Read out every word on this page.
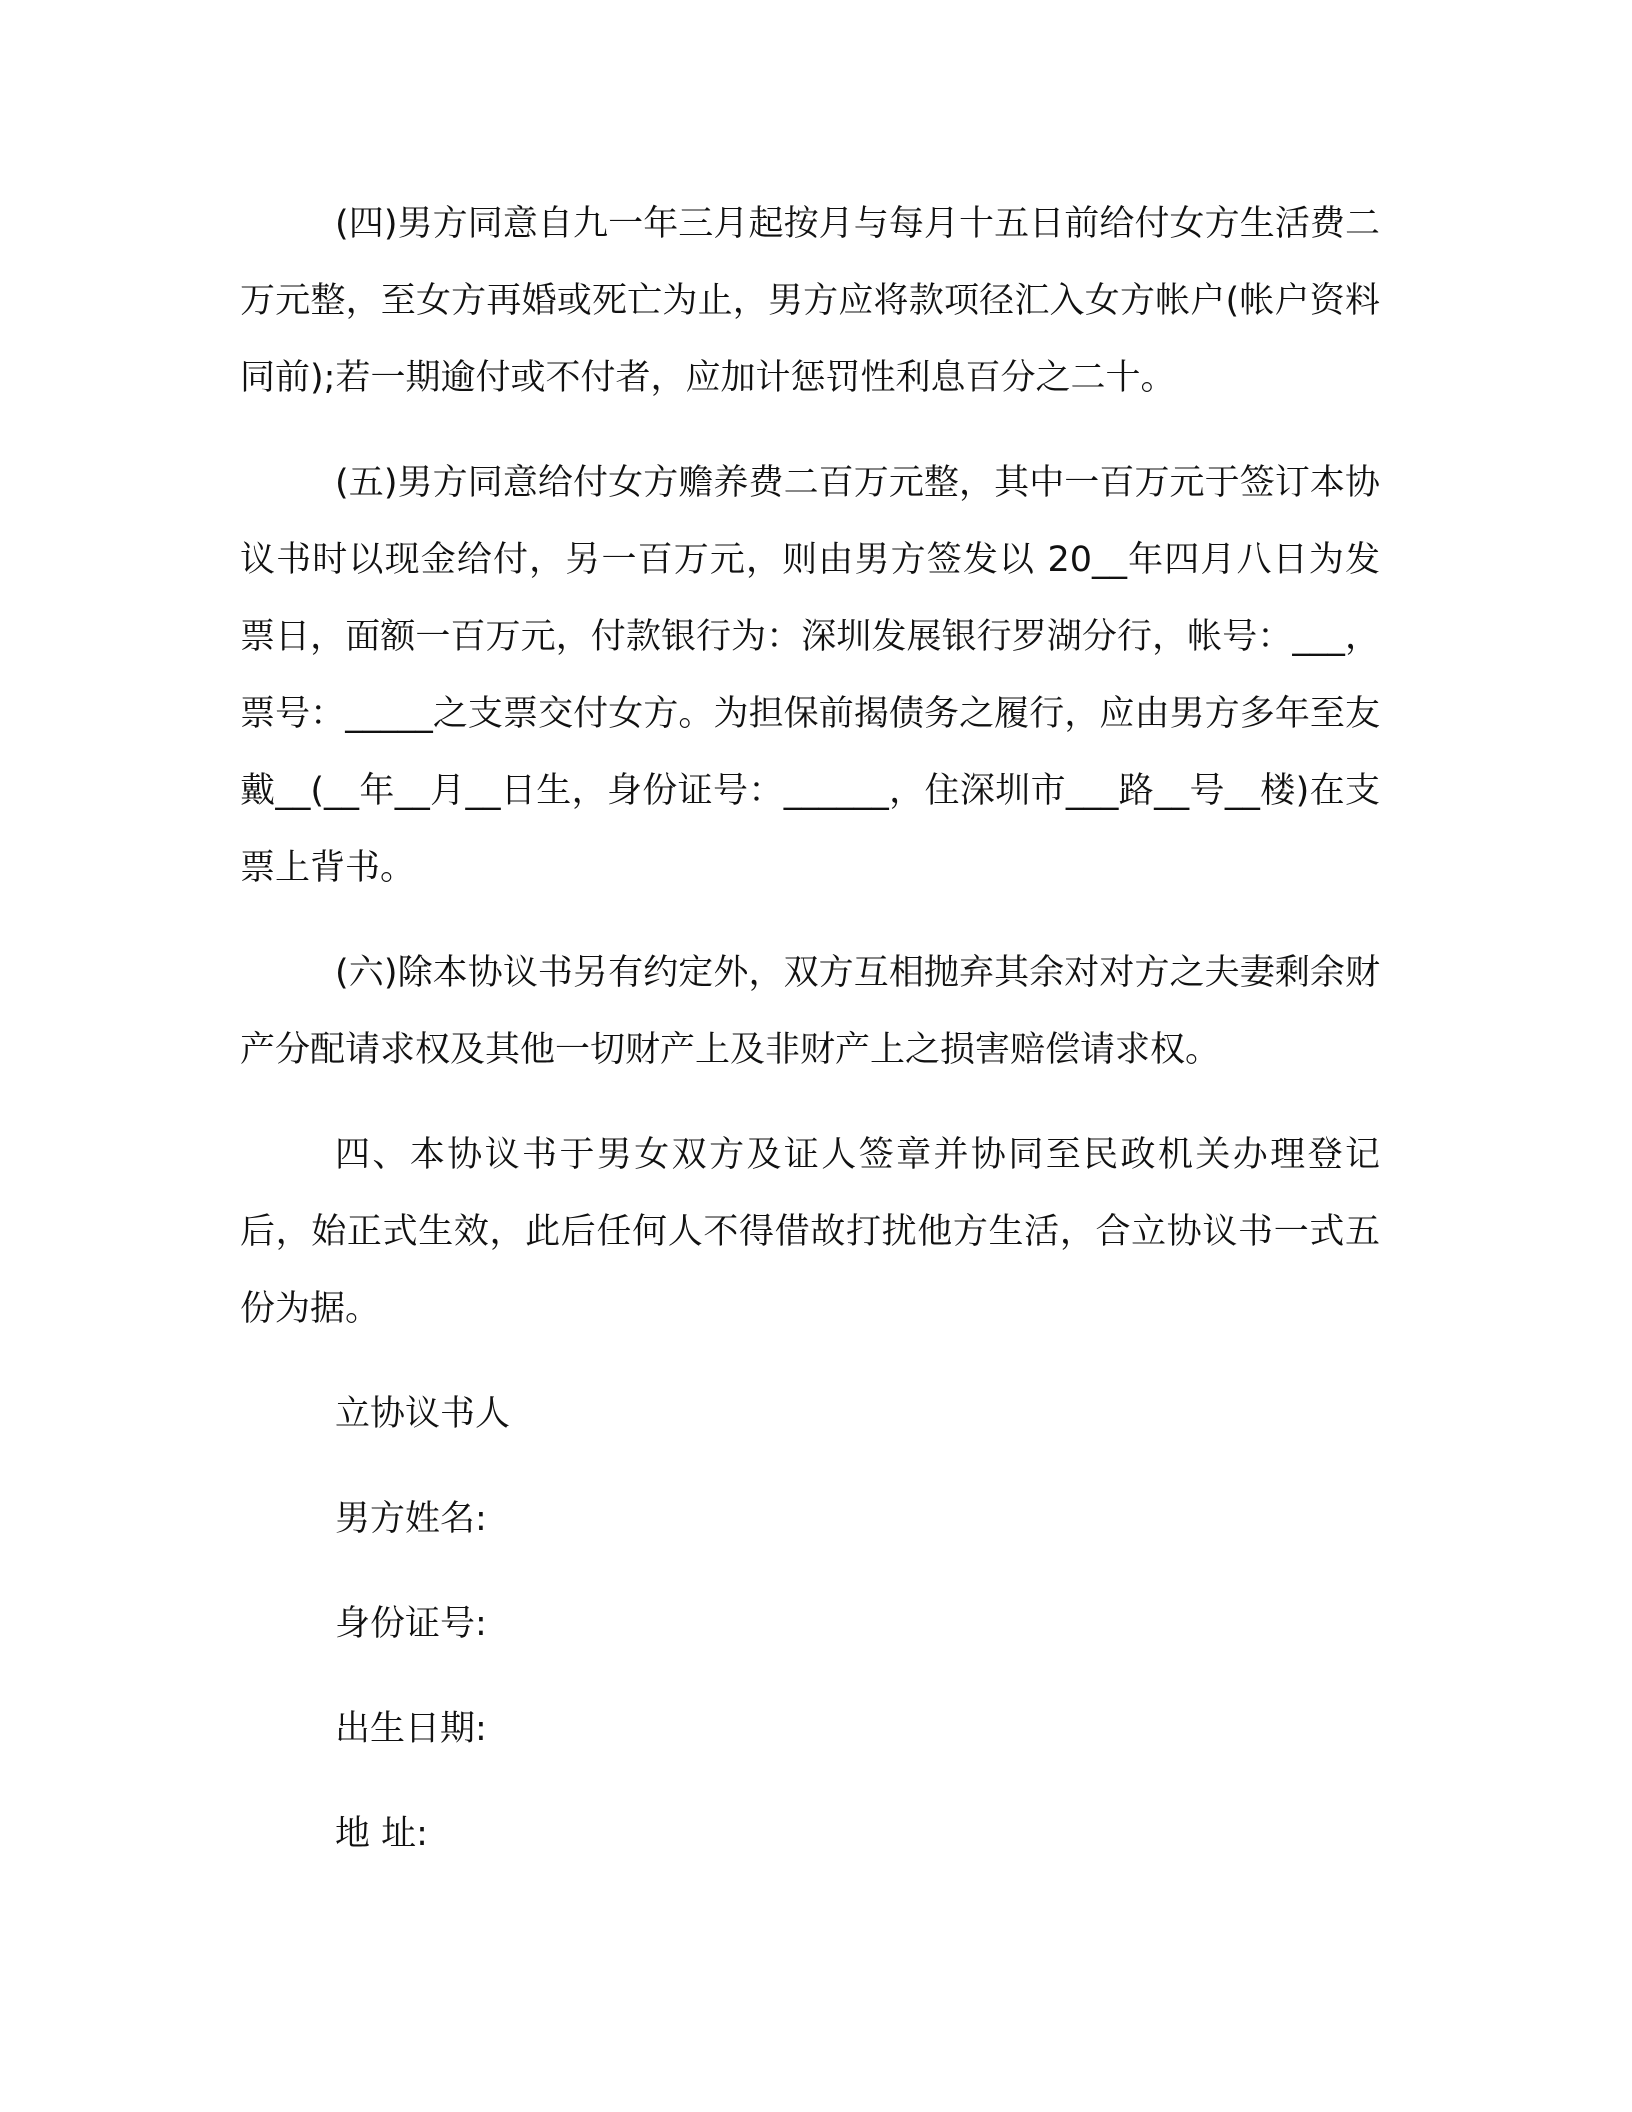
(四)男方同意自九一年三月起按月与每月十五日前给付女方生活费二万元整，至女方再婚或死亡为止，男方应将款项径汇入女方帐户(帐户资料同前);若一期逾付或不付者，应加计惩罚性利息百分之二十。

(五)男方同意给付女方赡养费二百万元整，其中一百万元于签订本协议书时以现金给付，另一百万元，则由男方签发以 20__年四月八日为发票日，面额一百万元，付款银行为：深圳发展银行罗湖分行，帐号：___，票号：_____之支票交付女方。为担保前揭债务之履行，应由男方多年至友戴__(__年__月__日生，身份证号：______，住深圳市___路__号__楼)在支票上背书。

(六)除本协议书另有约定外，双方互相抛弃其余对对方之夫妻剩余财产分配请求权及其他一切财产上及非财产上之损害赔偿请求权。

四、本协议书于男女双方及证人签章并协同至民政机关办理登记后，始正式生效，此后任何人不得借故打扰他方生活，合立协议书一式五份为据。

立协议书人

男方姓名:

身份证号:

出生日期:

地 址:
